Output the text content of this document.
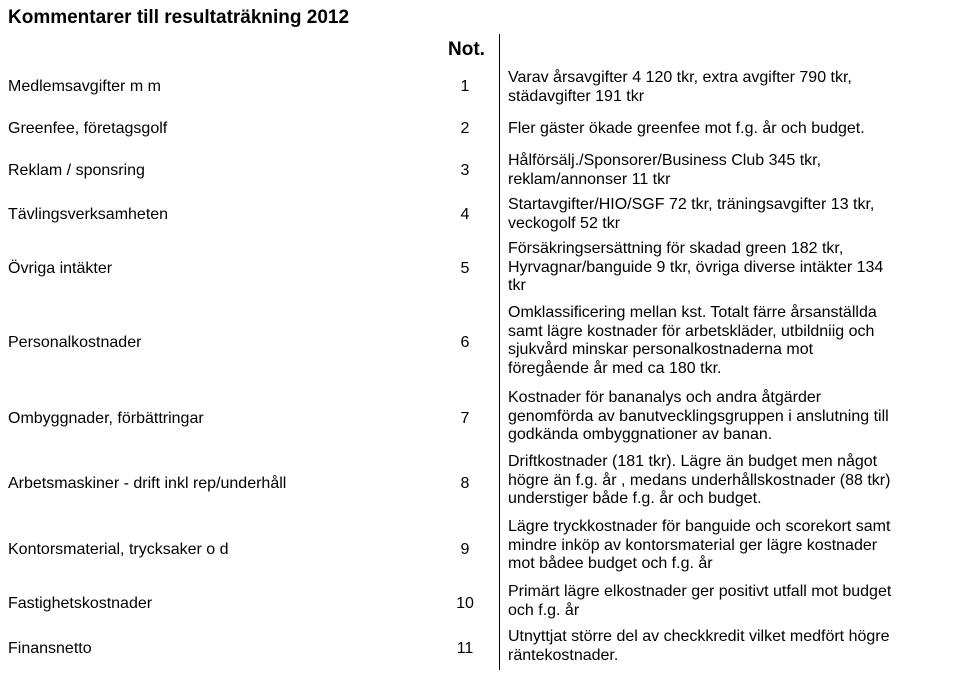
Kommentarer till resultaträkning 2012
Not.
Medlemsavgifter m m	1
Varav årsavgifter 4 120 tkr, extra avgifter 790 tkr,
städavgifter 191 tkr
Greenfee, företagsgolf	2	Fler gäster ökade greenfee mot f.g. år och budget.
Reklam / sponsring	3
Hålförsälj./Sponsorer/Business Club 345 tkr,
reklam/annonser 11 tkr
Tävlingsverksamheten	4
Startavgifter/HIO/SGF 72 tkr, träningsavgifter 13 tkr,
veckogolf 52 tkr
Övriga intäkter	5
Försäkringsersättning för skadad green 182 tkr,
Hyrvagnar/banguide 9 tkr, övriga diverse intäkter 134
tkr
Personalkostnader	6
Omklassificering mellan kst. Totalt färre årsanställda
samt lägre kostnader för arbetskläder, utbildniig och
sjukvård minskar personalkostnaderna mot
föregående år med ca 180 tkr.
Ombyggnader, förbättringar	7
Kostnader för bananalys och andra åtgärder
genomförda av banutvecklingsgruppen i anslutning till
godkända ombyggnationer av banan.
Arbetsmaskiner - drift inkl rep/underhåll	8
Driftkostnader (181 tkr). Lägre än budget men något
högre än f.g. år , medans underhållskostnader (88 tkr)
understiger både f.g. år och budget.
Kontorsmaterial, trycksaker o d	9
Lägre tryckkostnader för banguide och scorekort samt
mindre inköp av kontorsmaterial ger lägre kostnader
mot bådee budget och f.g. år
Fastighetskostnader	10
Primärt lägre elkostnader ger positivt utfall mot budget
och f.g. år
Finansnetto	11
Utnyttjat större del av checkkredit vilket medfört högre
räntekostnader.
